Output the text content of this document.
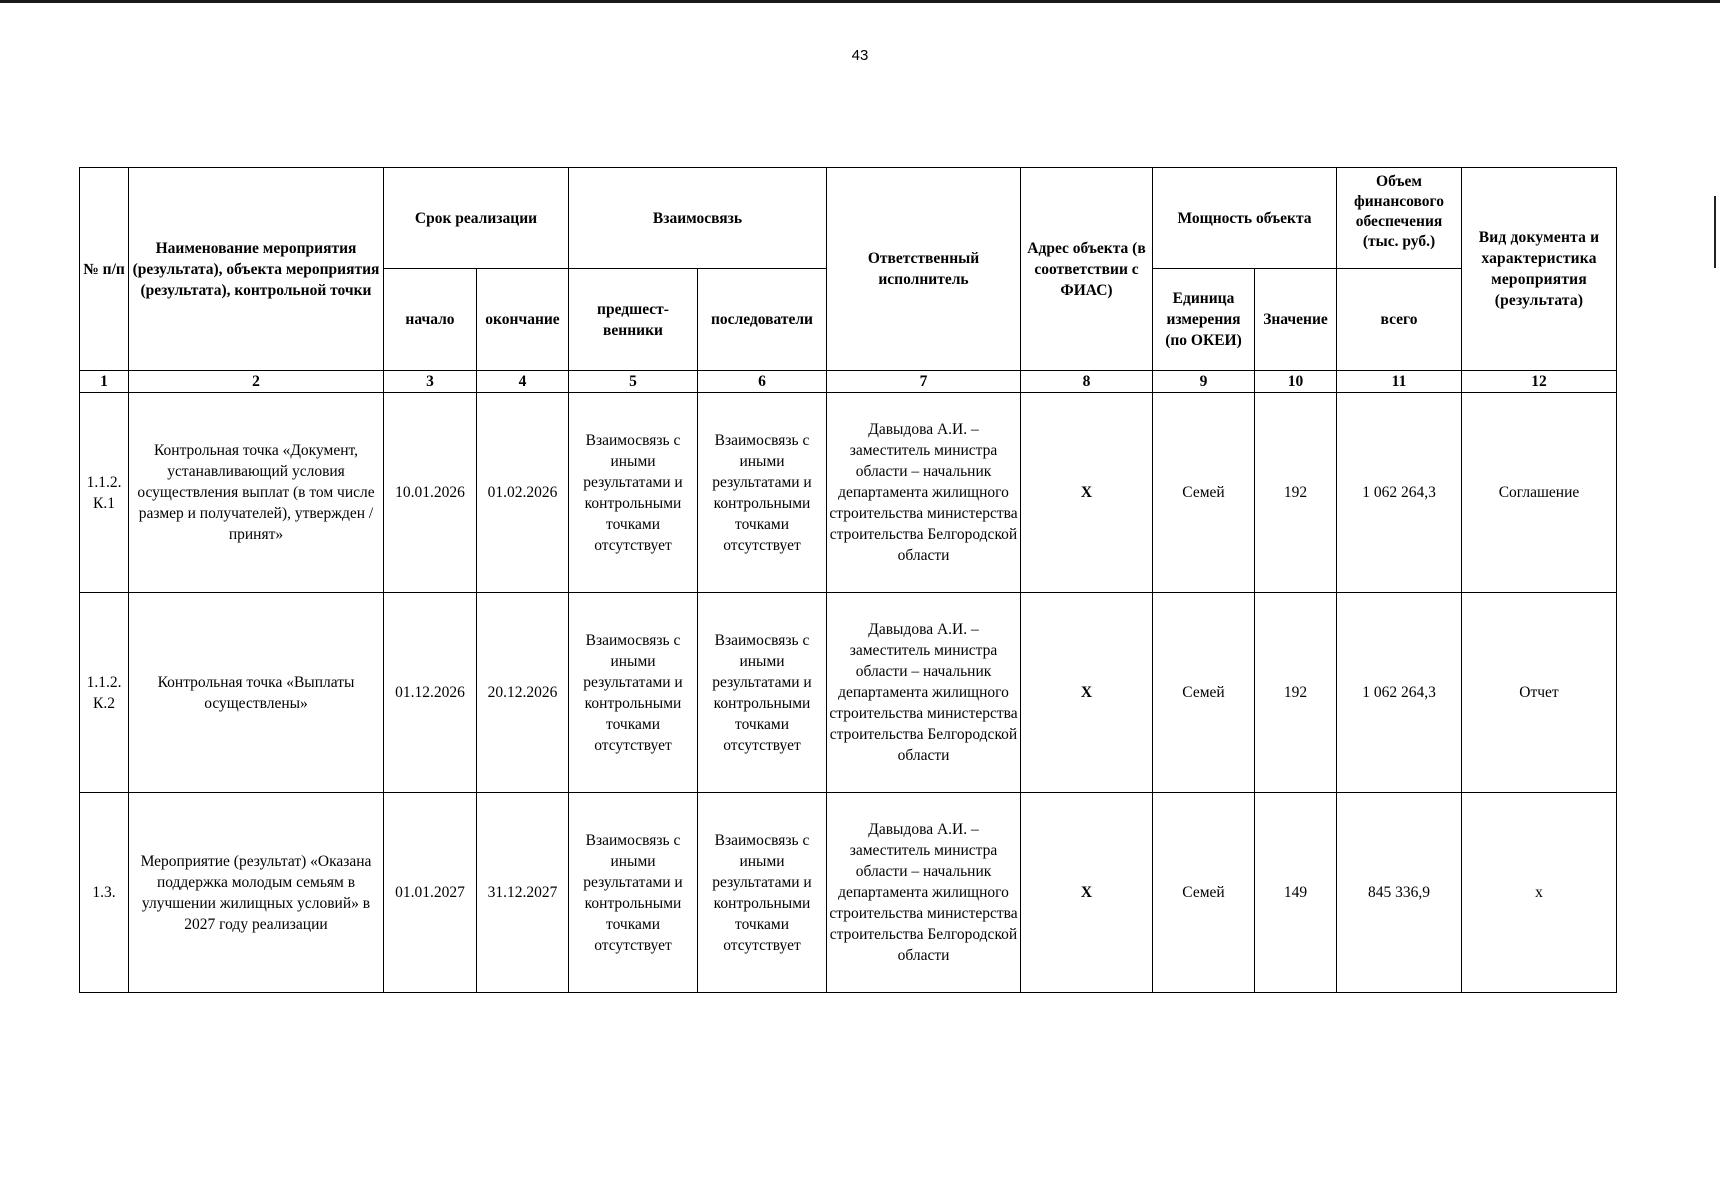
43
№ п/п	Наименование мероприятия (результата), объекта мероприятия (результата), контрольной точки	Срок реализации		Взаимосвязь		Ответственный исполнитель	Адрес объекта (в соответствии с ФИАС)	Мощность объекта		Объем финансового обеспечения (тыс. руб.)	Вид документа и характеристика мероприятия (результата)
		начало	окончание	предшест-венники	последователи			Единица измерения (по ОКЕИ)	Значение	всего	
1	2	3	4	5	6	7	8	9	10	11	12
1.1.2. К.1	Контрольная точка «Документ, устанавливающий условия осуществления выплат (в том числе размер и получателей), утвержден / принят»	10.01.2026	01.02.2026	Взаимосвязь с иными результатами и контрольными точками отсутствует	Взаимосвязь с иными результатами и контрольными точками отсутствует	Давыдова А.И. – заместитель министра области – начальник департамента жилищного строительства министерства строительства Белгородской области	Х	Семей	192	1 062 264,3	Соглашение
1.1.2. К.2	Контрольная точка «Выплаты осуществлены»	01.12.2026	20.12.2026	Взаимосвязь с иными результатами и контрольными точками отсутствует	Взаимосвязь с иными результатами и контрольными точками отсутствует	Давыдова А.И. – заместитель министра области – начальник департамента жилищного строительства министерства строительства Белгородской области	Х	Семей	192	1 062 264,3	Отчет
1.3.	Мероприятие (результат) «Оказана поддержка молодым семьям в улучшении жилищных условий» в 2027 году реализации	01.01.2027	31.12.2027	Взаимосвязь с иными результатами и контрольными точками отсутствует	Взаимосвязь с иными результатами и контрольными точками отсутствует	Давыдова А.И. – заместитель министра области – начальник департамента жилищного строительства министерства строительства Белгородской области	Х	Семей	149	845 336,9	х
